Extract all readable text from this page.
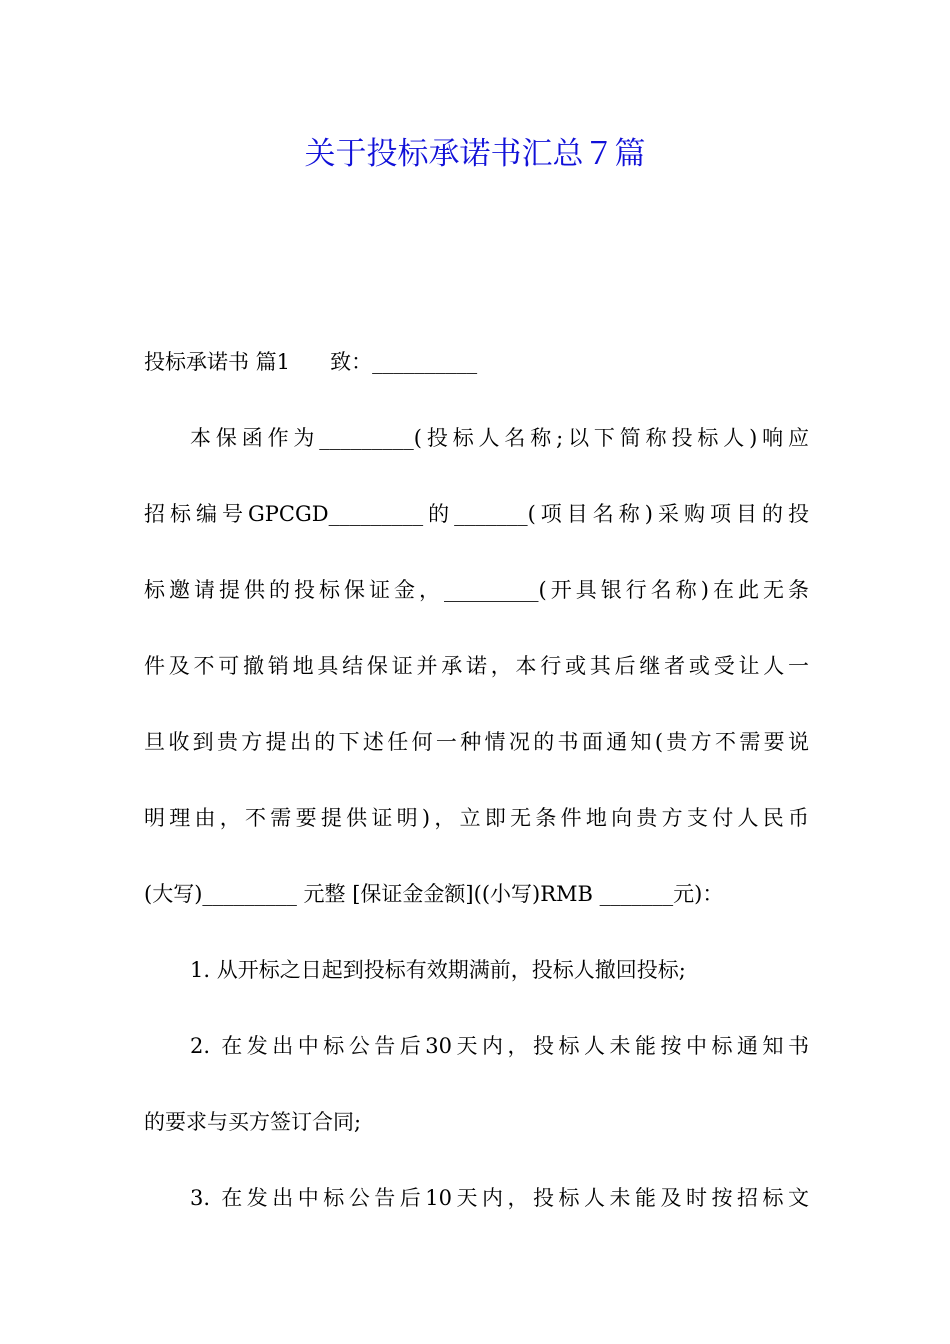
关于投标承诺书汇总７篇
投标承诺书 篇1      致：__________
本保函作为_________(投标人名称;以下简称投标人)响应
招标编号GPCGD_________的_______(项目名称)采购项目的投
标邀请提供的投标保证金，_________(开具银行名称)在此无条
件及不可撤销地具结保证并承诺，本行或其后继者或受让人一
旦收到贵方提出的下述任何一种情况的书面通知(贵方不需要说
明理由，不需要提供证明)，立即无条件地向贵方支付人民币
(大写)_________ 元整 [保证金金额]((小写)RMB _______元)：
1. 从开标之日起到投标有效期满前，投标人撤回投标;
2. 在发出中标公告后30天内，投标人未能按中标通知书
的要求与买方签订合同;
3. 在发出中标公告后10天内，投标人未能及时按招标文
